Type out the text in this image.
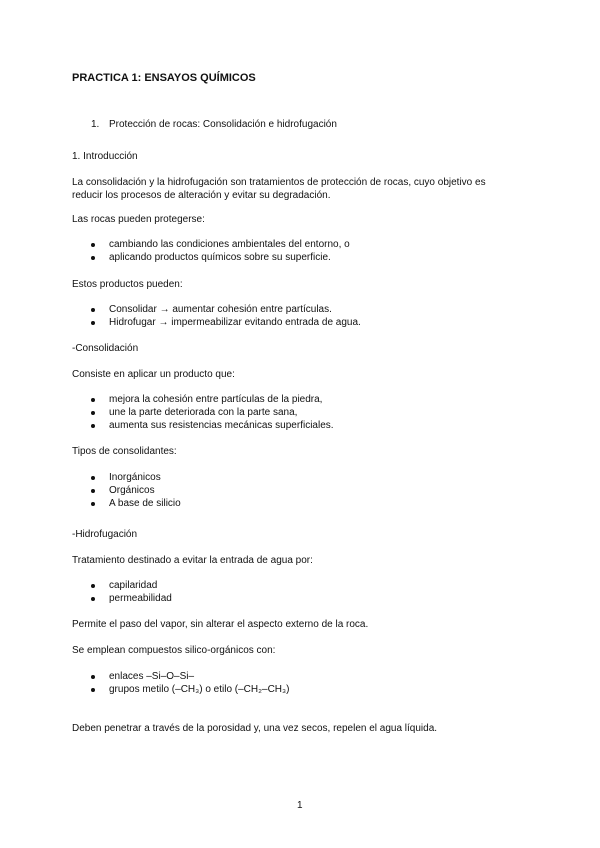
PRACTICA 1: ENSAYOS QUÍMICOS
1. Protección de rocas: Consolidación e hidrofugación
1. Introducción
La consolidación y la hidrofugación son tratamientos de protección de rocas, cuyo objetivo es
reducir los procesos de alteración y evitar su degradación.
Las rocas pueden protegerse:
cambiando las condiciones ambientales del entorno, o
aplicando productos químicos sobre su superficie.
Estos productos pueden:
Consolidar → aumentar cohesión entre partículas.
Hidrofugar → impermeabilizar evitando entrada de agua.
-Consolidación
Consiste en aplicar un producto que:
mejora la cohesión entre partículas de la piedra,
une la parte deteriorada con la parte sana,
aumenta sus resistencias mecánicas superficiales.
Tipos de consolidantes:
Inorgánicos
Orgánicos
A base de silicio
-Hidrofugación
Tratamiento destinado a evitar la entrada de agua por:
capilaridad
permeabilidad
Permite el paso del vapor, sin alterar el aspecto externo de la roca.
Se emplean compuestos silico-orgánicos con:
enlaces –Si–O–Si–
grupos metilo (–CH₃) o etilo (–CH₂–CH₃)
Deben penetrar a través de la porosidad y, una vez secos, repelen el agua líquida.
1
